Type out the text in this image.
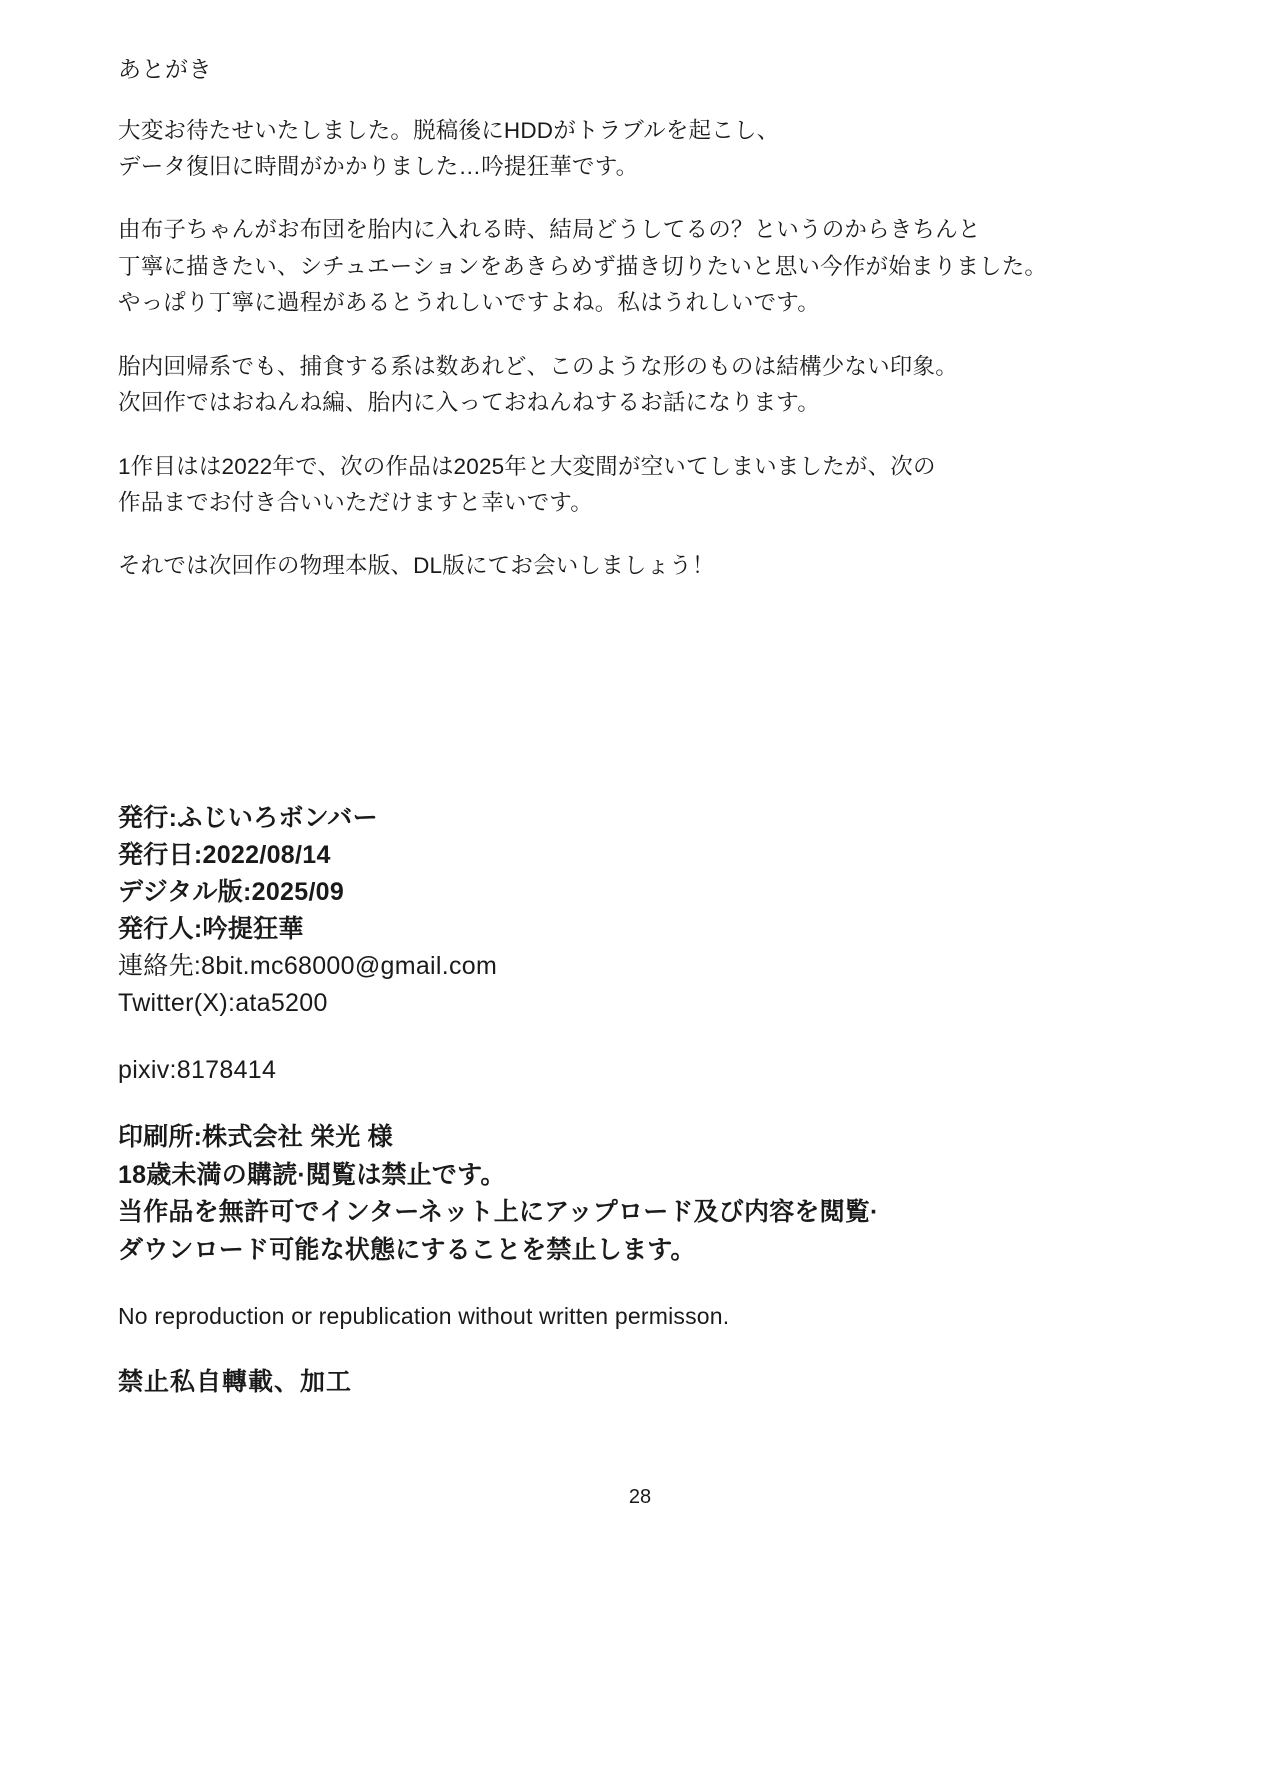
あとがき
大変お待たせいたしました。脱稿後にHDDがトラブルを起こし、
データ復旧に時間がかかりました…吟提狂華です。
由布子ちゃんがお布団を胎内に入れる時、結局どうしてるの？というのからきちんと
丁寧に描きたい、シチュエーションをあきらめず描き切りたいと思い今作が始まりました。
やっぱり丁寧に過程があるとうれしいですよね。私はうれしいです。
胎内回帰系でも、捕食する系は数あれど、このような形のものは結構少ない印象。
次回作ではおねんね編、胎内に入っておねんねするお話になります。
1作目はは2022年で、次の作品は2025年と大変間が空いてしまいましたが、次の
作品までお付き合いいただけますと幸いです。
それでは次回作の物理本版、DL版にてお会いしましょう！
発行:ふじいろボンバー
発行日:2022/08/14
デジタル版:2025/09
発行人:吟提狂華
連絡先:8bit.mc68000@gmail.com
Twitter(X):ata5200
pixiv:8178414
印刷所:株式会社 栄光 様
18歳未満の購読·閲覧は禁止です。
当作品を無許可でインターネット上にアップロード及び内容を閲覧·
ダウンロード可能な状態にすることを禁止します。
No reproduction or republication without written permisson.
禁止私自轉載、加工
28
